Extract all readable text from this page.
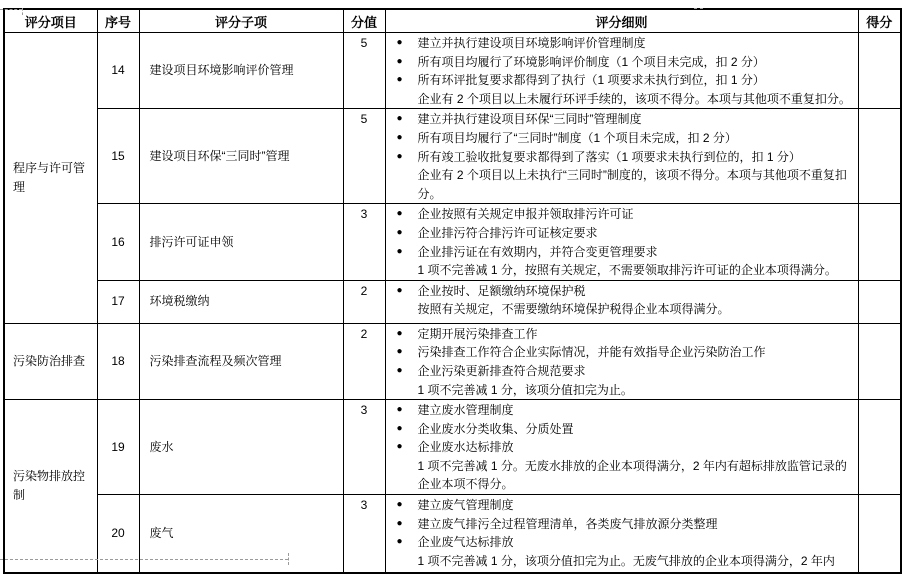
评分项目	序号	评分子项	分值	评分细则	得分
程序与许可管理	14	建设项目环境影响评价管理	5	● 建立并执行建设项目环境影响评价管理制度
● 所有项目均履行了环境影响评价制度（1 个项目未完成，扣 2 分）
● 所有环评批复要求都得到了执行（1 项要求未执行到位，扣 1 分）
企业有 2 个项目以上未履行环评手续的，该项不得分。本项与其他项不重复扣分。

	15	建设项目环保“三同时”管理	5	● 建立并执行建设项目环保“三同时”管理制度
● 所有项目均履行了“三同时”制度（1 个项目未完成，扣 2 分）
● 所有竣工验收批复要求都得到了落实（1 项要求未执行到位的，扣 1 分）
企业有 2 个项目以上未执行“三同时”制度的，该项不得分。本项与其他项不重复扣分。

	16	排污许可证申领	3	● 企业按照有关规定申报并领取排污许可证
● 企业排污符合排污许可证核定要求
● 企业排污证在有效期内，并符合变更管理要求
1 项不完善减 1 分，按照有关规定，不需要领取排污许可证的企业本项得满分。

	17	环境税缴纳	2	● 企业按时、足额缴纳环境保护税
按照有关规定，不需要缴纳环境保护税得企业本项得满分。

污染防治排查	18	污染排查流程及频次管理	2	● 定期开展污染排查工作
● 污染排查工作符合企业实际情况，并能有效指导企业污染防治工作
● 企业污染更新排查符合规范要求
1 项不完善减 1 分，该项分值扣完为止。

污染物排放控制	19	废水	3	● 建立废水管理制度
● 企业废水分类收集、分质处置
● 企业废水达标排放
1 项不完善减 1 分。无废水排放的企业本项得满分，2 年内有超标排放监管记录的企业本项不得分。

	20	废气	3	● 建立废气管理制度
● 建立废气排污全过程管理清单，各类废气排放源分类整理
● 企业废气达标排放
1 项不完善减 1 分，该项分值扣完为止。无废气排放的企业本项得满分，2 年内
